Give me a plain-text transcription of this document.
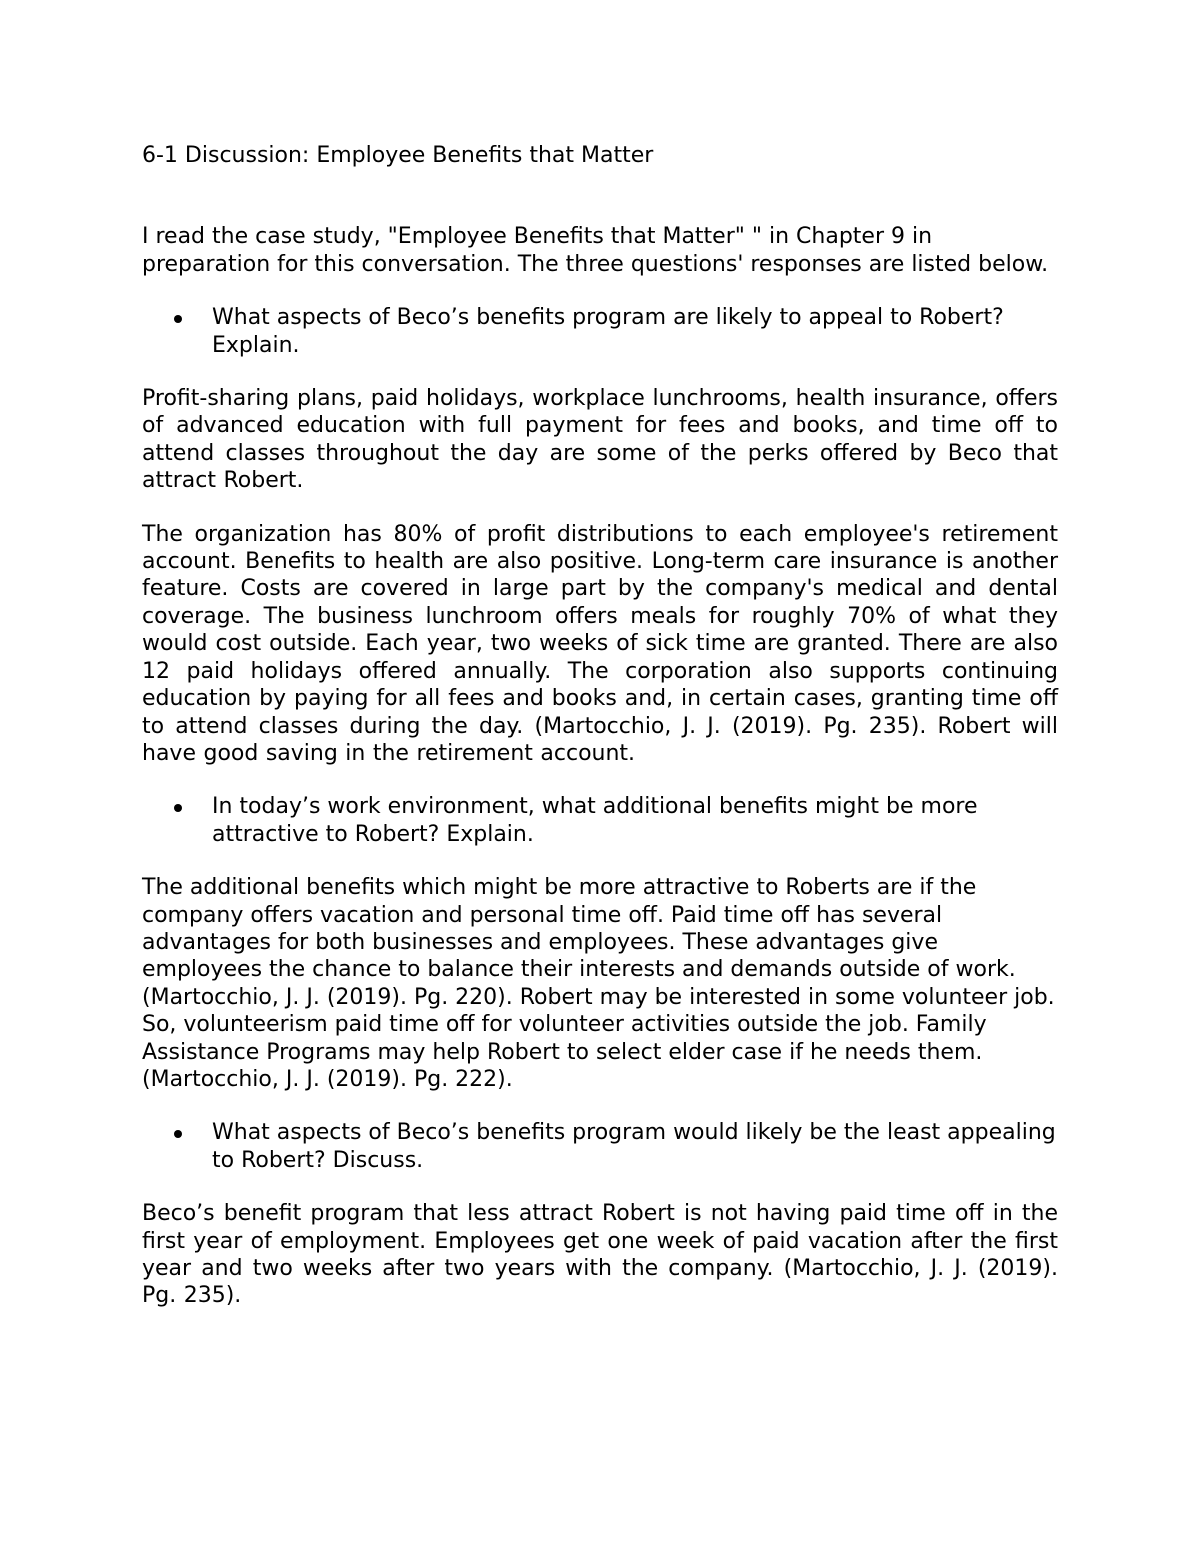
6-1 Discussion: Employee Benefits that Matter
I read the case study, "Employee Benefits that Matter" " in Chapter 9 in preparation for this conversation. The three questions' responses are listed below.
What aspects of Beco’s benefits program are likely to appeal to Robert? Explain.
Profit-sharing plans, paid holidays, workplace lunchrooms, health insurance, offers of advanced education with full payment for fees and books, and time off to attend classes throughout the day are some of the perks offered by Beco that attract Robert.
The organization has 80% of profit distributions to each employee's retirement account. Benefits to health are also positive. Long-term care insurance is another feature. Costs are covered in large part by the company's medical and dental coverage. The business lunchroom offers meals for roughly 70% of what they would cost outside. Each year, two weeks of sick time are granted. There are also 12 paid holidays offered annually. The corporation also supports continuing education by paying for all fees and books and, in certain cases, granting time off to attend classes during the day. (Martocchio, J. J. (2019). Pg. 235). Robert will have good saving in the retirement account.
In today’s work environment, what additional benefits might be more attractive to Robert? Explain.
The additional benefits which might be more attractive to Roberts are if the company offers vacation and personal time off. Paid time off has several advantages for both businesses and employees. These advantages give employees the chance to balance their interests and demands outside of work. (Martocchio, J. J. (2019). Pg. 220). Robert may be interested in some volunteer job. So, volunteerism paid time off for volunteer activities outside the job. Family Assistance Programs may help Robert to select elder case if he needs them. (Martocchio, J. J. (2019). Pg. 222).
What aspects of Beco’s benefits program would likely be the least appealing to Robert? Discuss.
Beco’s benefit program that less attract Robert is not having paid time off in the first year of employment. Employees get one week of paid vacation after the first year and two weeks after two years with the company. (Martocchio, J. J. (2019). Pg. 235).
